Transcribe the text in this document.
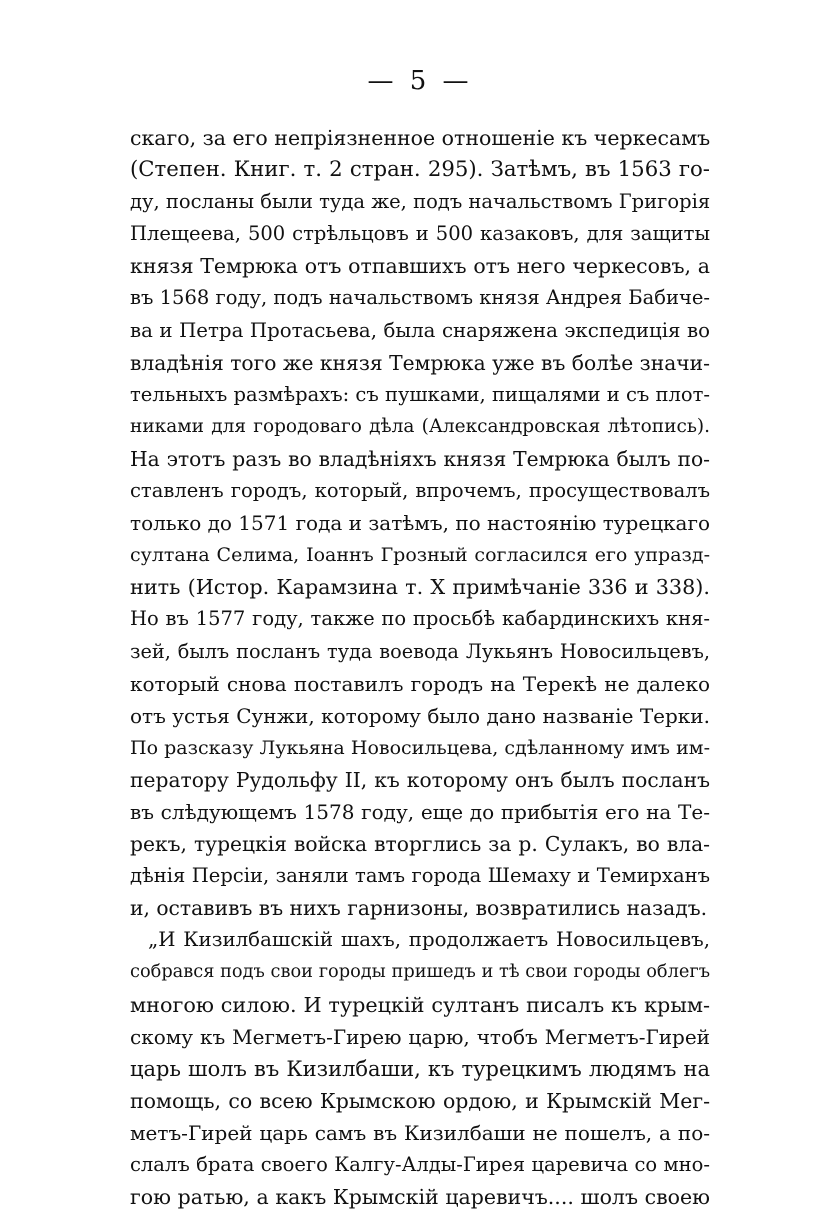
— 5 —
скаго, за его непріязненное отношеніе къ черкесамъ
(Степен. Книг. т. 2 стран. 295). Затѣмъ, въ 1563 го-
ду, посланы были туда же, подъ начальствомъ Григорія
Плещеева, 500 стрѣльцовъ и 500 казаковъ, для защиты
князя Темрюка отъ отпавшихъ отъ него черкесовъ, а
въ 1568 году, подъ начальствомъ князя Андрея Бабиче-
ва и Петра Протасьева, была снаряжена экспедиція во
владѣнія того же князя Темрюка уже въ болѣе значи-
тельныхъ размѣрахъ: съ пушками, пищалями и съ плот-
никами для городоваго дѣла (Александровская лѣтопись).
На этотъ разъ во владѣніяхъ князя Темрюка былъ по-
ставленъ городъ, который, впрочемъ, просуществовалъ
только до 1571 года и затѣмъ, по настоянію турецкаго
султана Селима, Іоаннъ Грозный согласился его упразд-
нить (Истор. Карамзина т. X примѣчаніе 336 и 338).
Но въ 1577 году, также по просьбѣ кабардинскихъ кня-
зей, былъ посланъ туда воевода Лукьянъ Новосильцевъ,
который снова поставилъ городъ на Терекѣ не далеко
отъ устья Сунжи, которому было дано названіе Терки.
По разсказу Лукьяна Новосильцева, сдѣланному имъ им-
ператору Рудольфу II, къ которому онъ былъ посланъ
въ слѣдующемъ 1578 году, еще до прибытія его на Те-
рекъ, турецкія войска вторглись за р. Сулакъ, во вла-
дѣнія Персіи, заняли тамъ города Шемаху и Темирханъ
и, оставивъ въ нихъ гарнизоны, возвратились назадъ.
„И Кизилбашскій шахъ, продолжаетъ Новосильцевъ,
собрався подъ свои городы пришедъ и тѣ свои городы облегъ
многою силою. И турецкій султанъ писалъ къ крым-
скому къ Мегметъ-Гирею царю, чтобъ Мегметъ-Гирей
царь шолъ въ Кизилбаши, къ турецкимъ людямъ на
помощь, со всею Крымскою ордою, и Крымскій Мег-
метъ-Гирей царь самъ въ Кизилбаши не пошелъ, а по-
слалъ брата своего Калгу-Алды-Гирея царевича со мно-
гою ратью, а какъ Крымскій царевичъ.... шолъ своею
